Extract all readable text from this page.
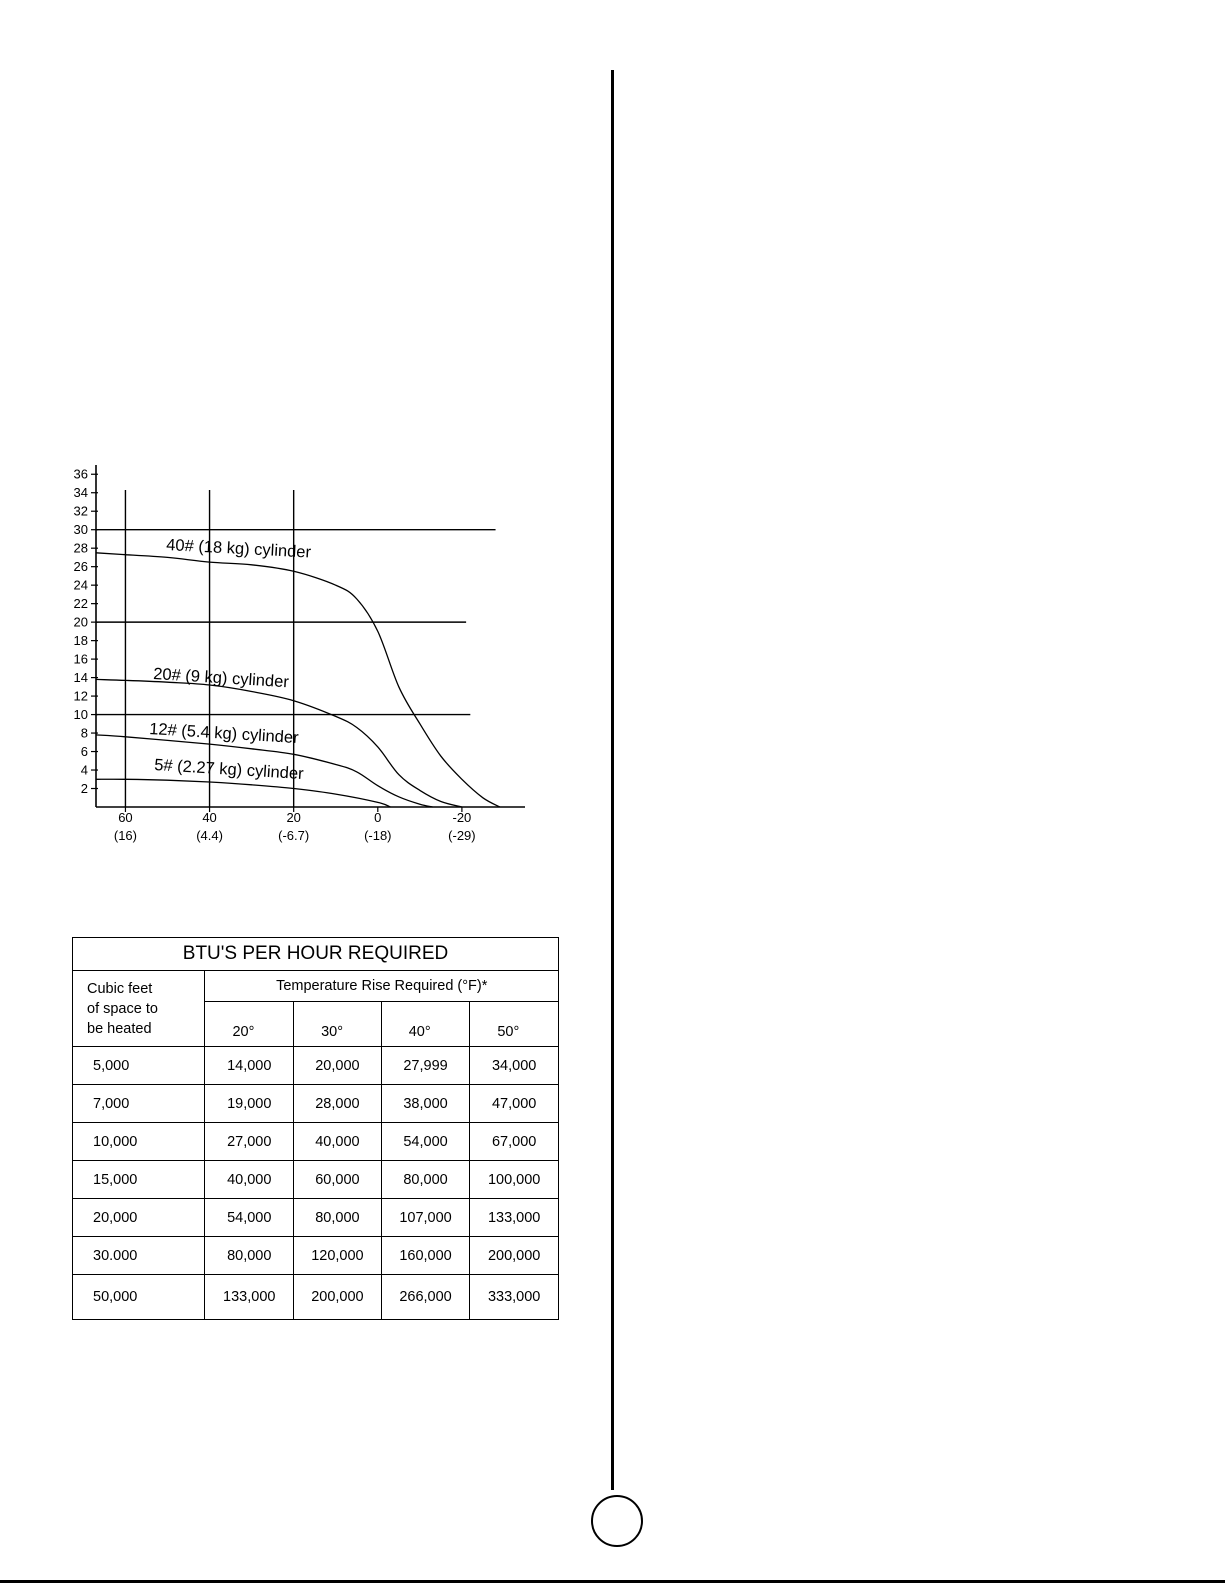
2
4
6
8
10
12
14
16
18
20
22
24
26
28
30
32
34
36
60
(16)
40
(4.4)
20
(-6.7)
0
(-18)
-20
(-29)
40# (18 kg) cylinder
20# (9 kg) cylinder
12# (5.4 kg) cylinder
5# (2.27 kg) cylinder
BTU'S PER HOUR REQUIRED				

Cubic feet
of space to
be heated	Temperature Rise Required (°F)*			
	20°	30°	40°	50°
5,000	14,000	20,000	27,999	34,000
7,000	19,000	28,000	38,000	47,000
10,000	27,000	40,000	54,000	67,000
15,000	40,000	60,000	80,000	100,000
20,000	54,000	80,000	107,000	133,000
30.000	80,000	120,000	160,000	200,000
50,000	133,000	200,000	266,000	333,000
